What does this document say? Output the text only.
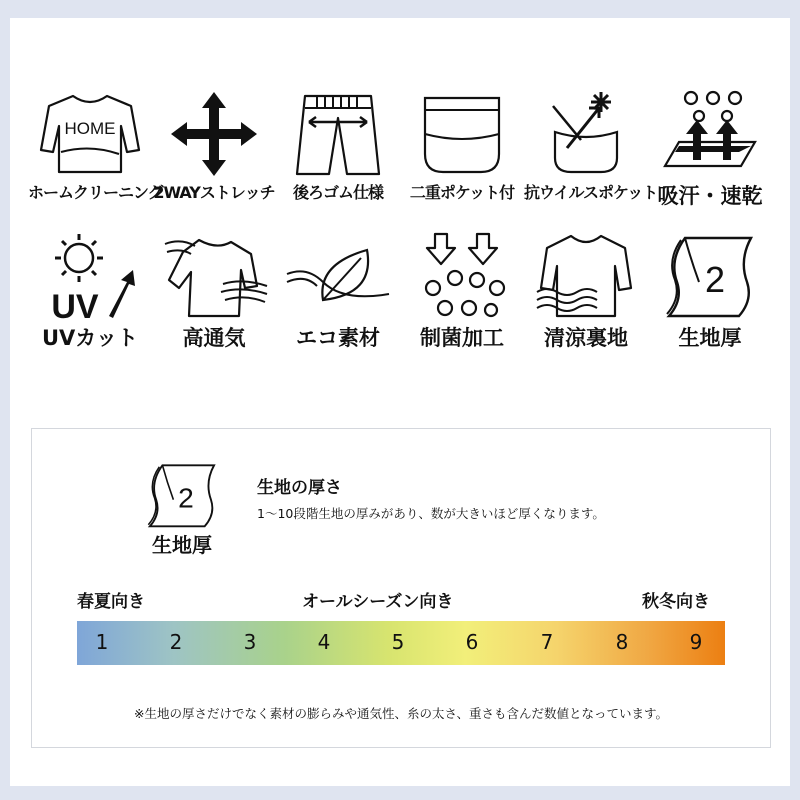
HOME
ホームクリーニング
2WAYストレッチ	後ろゴム仕様	二重ポケット付 抗ウイルスポケット 吸汗・速乾
UV
UVカット	高通気	エコ素材	制菌加工	清涼裏地
2
生地厚
2
生地厚
生地の厚さ
1〜10段階生地の厚みがあり、数が大きいほど厚くなります。
春夏向き	オールシーズン向き	秋冬向き
1	2	3	4	5	6	7	8	9
※生地の厚さだけでなく素材の膨らみや通気性、糸の太さ、重さも含んだ数値となっています。
